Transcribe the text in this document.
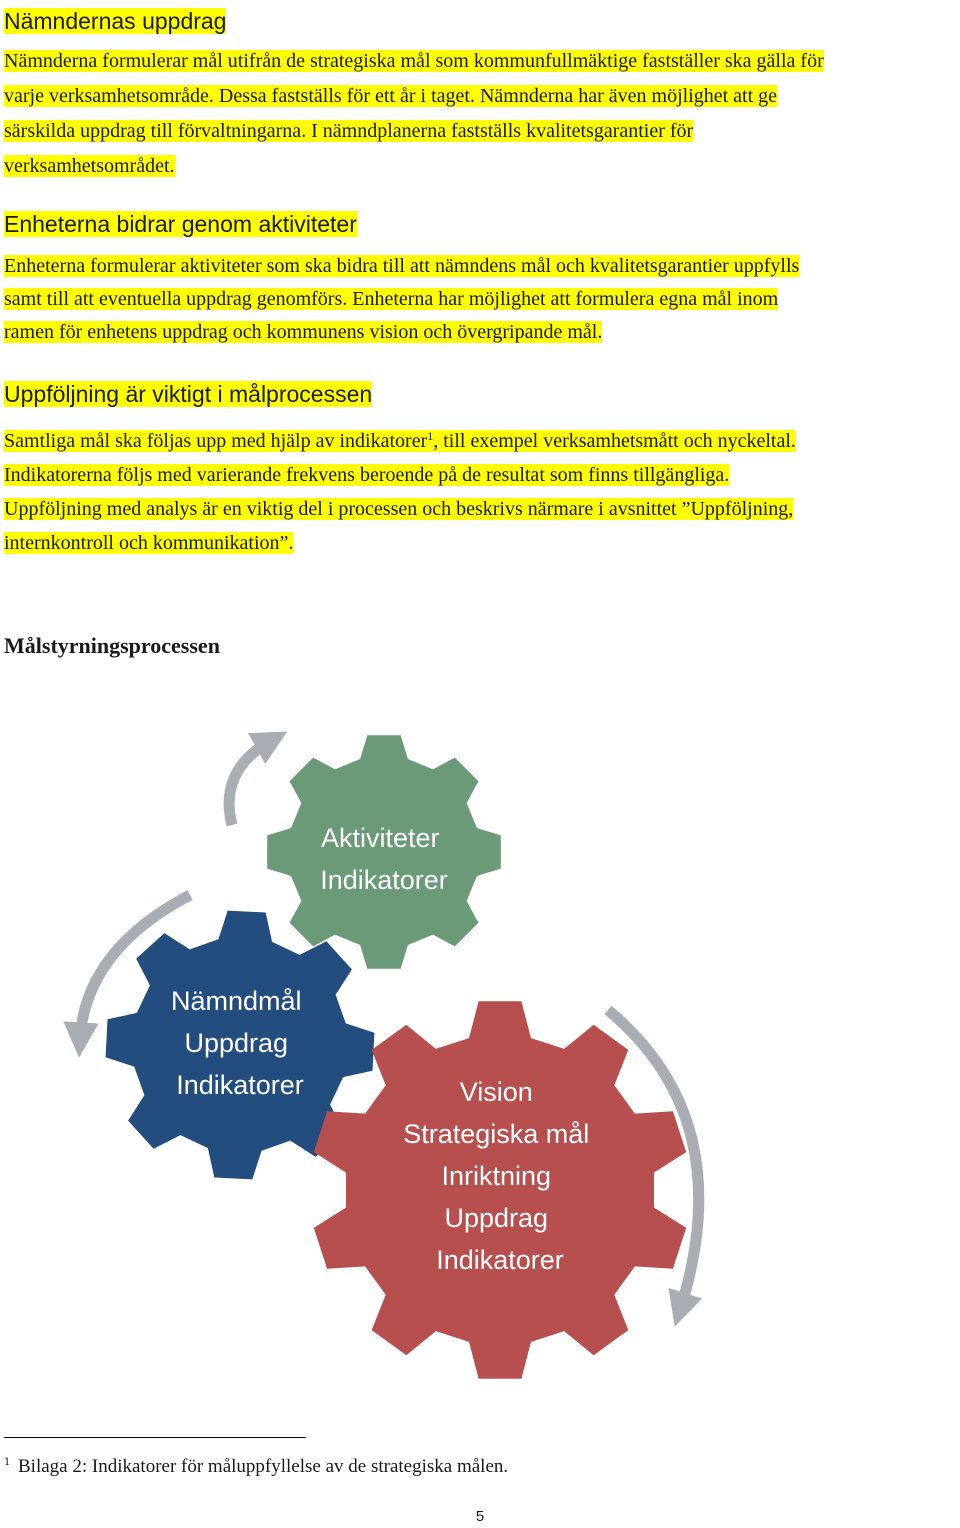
Nämndernas uppdrag
Nämnderna formulerar mål utifrån de strategiska mål som kommunfullmäktige fastställer ska gälla för
varje verksamhetsområde. Dessa fastställs för ett år i taget. Nämnderna har även möjlighet att ge
särskilda uppdrag till förvaltningarna. I nämndplanerna fastställs kvalitetsgarantier för
verksamhetsområdet.
Enheterna bidrar genom aktiviteter
Enheterna formulerar aktiviteter som ska bidra till att nämndens mål och kvalitetsgarantier uppfylls
samt till att eventuella uppdrag genomförs. Enheterna har möjlighet att formulera egna mål inom
ramen för enhetens uppdrag och kommunens vision och övergripande mål.
Uppföljning är viktigt i målprocessen
Samtliga mål ska följas upp med hjälp av indikatorer$^1$, till exempel verksamhetsmått och nyckeltal.
Indikatorerna följs med varierande frekvens beroende på de resultat som finns tillgängliga.
Uppföljning med analys är en viktig del i processen och beskrivs närmare i avsnittet ”Uppföljning,
internkontroll och kommunikation”.
Målstyrningsprocessen
Aktiviteter Indikatorer
Nämndmål Uppdrag Indikatorer	Vision Strategiska mål Inriktning Uppdrag Indikatorer

$^1$ Bilaga 2: Indikatorer för måluppfyllelse av de strategiska målen.

5
